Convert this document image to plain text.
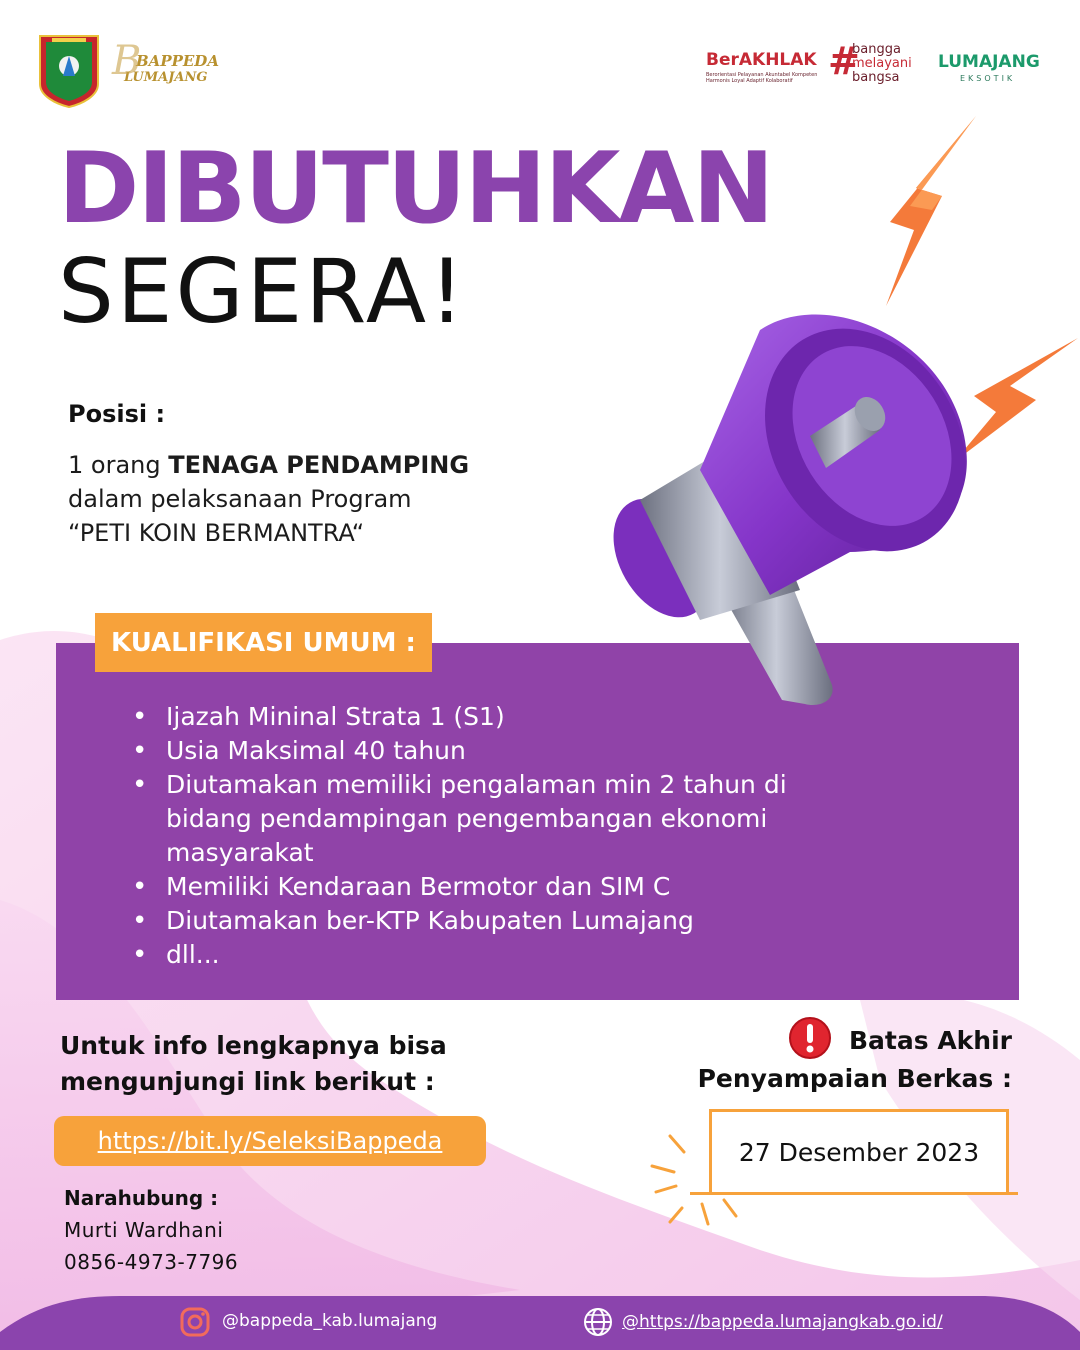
BAPPEDA
LUMAJANG
B	BerAKHLAK
Berorientasi Pelayanan Akuntabel Kompeten Harmonis Loyal Adaptif Kolaboratif #
bangga
melayani
bangsa
LUMAJANG
EKSOTIK
DIBUTUHKAN
SEGERA!
Posisi :
1 orang TENAGA PENDAMPING
dalam pelaksanaan Program
“PETI KOIN BERMANTRA“
KUALIFIKASI UMUM :
• Ijazah Mininal Strata 1 (S1)
• Usia Maksimal 40 tahun
• Diutamakan memiliki pengalaman min 2 tahun di bidang pendampingan pengembangan ekonomi masyarakat
• Memiliki Kendaraan Bermotor dan SIM C
• Diutamakan ber-KTP Kabupaten Lumajang
• dll...
Untuk info lengkapnya bisa
mengunjungi link berikut :
https://bit.ly/SeleksiBappeda
Narahubung :
Murti Wardhani
0856-4973-7796
Batas Akhir
Penyampaian Berkas :
27 Desember 2023
@bappeda_kab.lumajang	@https://bappeda.lumajangkab.go.id/
